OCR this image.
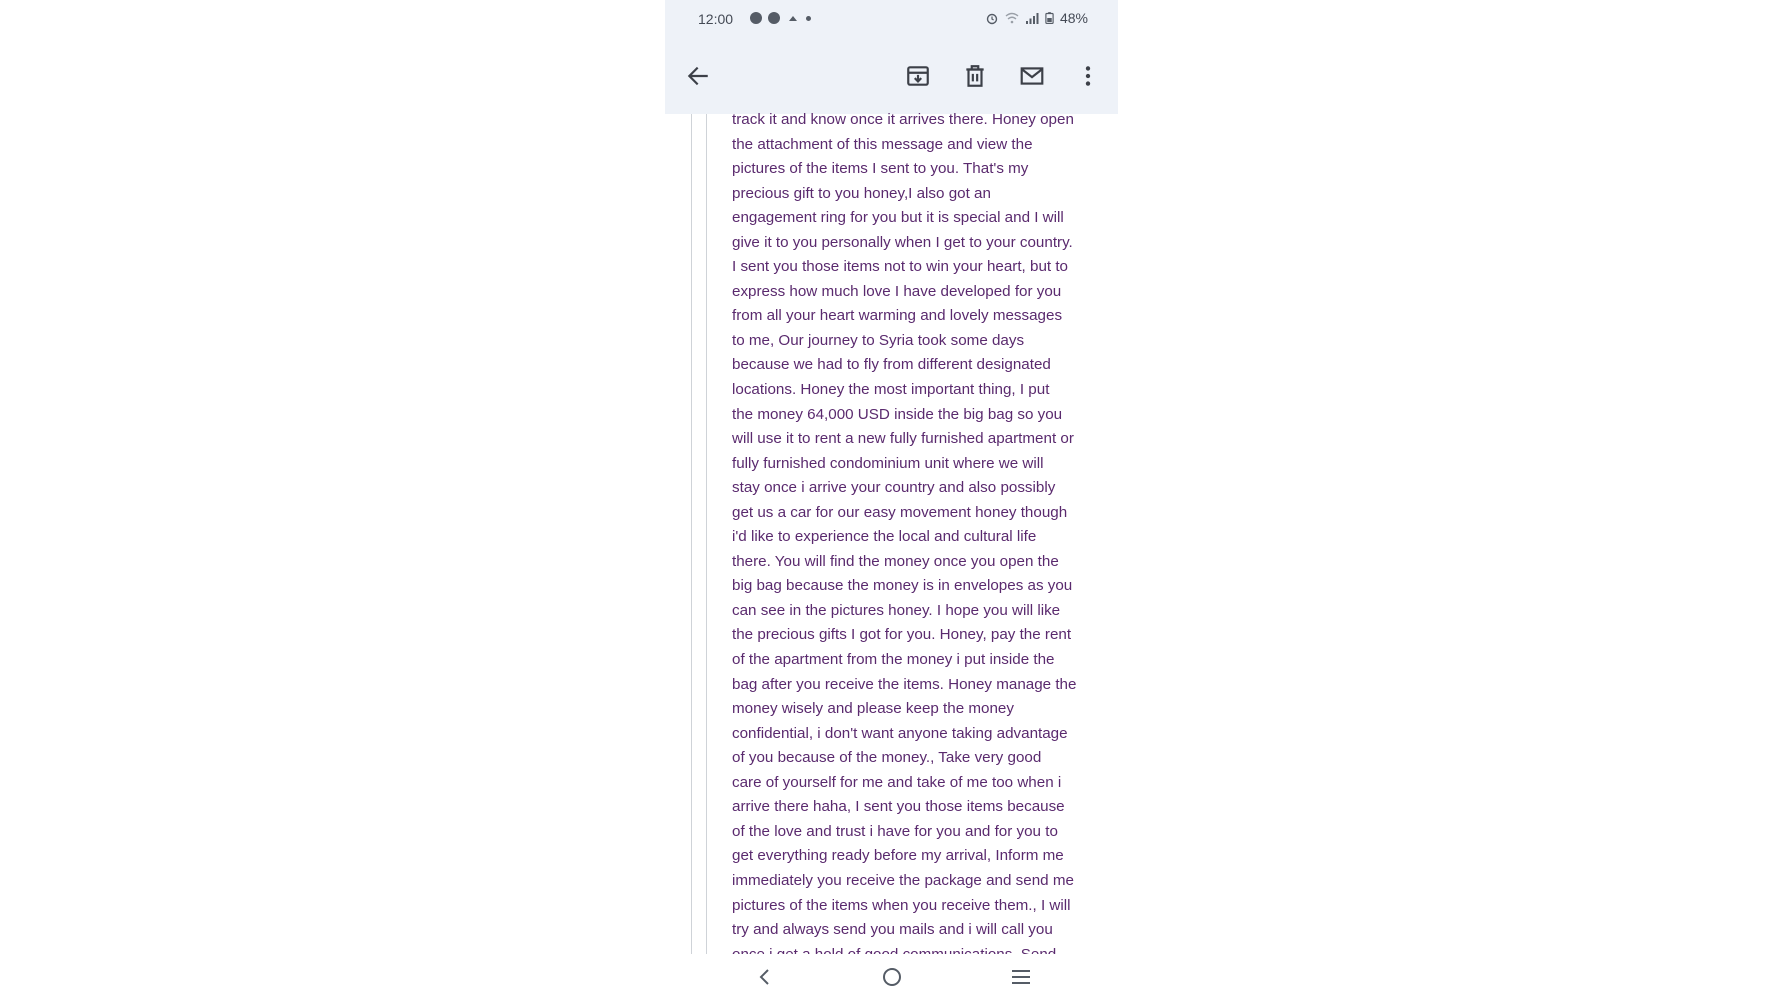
12:00	48%
track it and know once it arrives there. Honey open
the attachment of this message and view the
pictures of the items I sent to you. That's my
precious gift to you honey,I also got an
engagement ring for you but it is special and I will
give it to you personally when I get to your country.
I sent you those items not to win your heart, but to
express how much love I have developed for you
from all your heart warming and lovely messages
to me, Our journey to Syria took some days
because we had to fly from different designated
locations. Honey the most important thing, I put
the money 64,000 USD inside the big bag so you
will use it to rent a new fully furnished apartment or
fully furnished condominium unit where we will
stay once i arrive your country and also possibly
get us a car for our easy movement honey though
i'd like to experience the local and cultural life
there. You will find the money once you open the
big bag because the money is in envelopes as you
can see in the pictures honey. I hope you will like
the precious gifts I got for you. Honey, pay the rent
of the apartment from the money i put inside the
bag after you receive the items. Honey manage the
money wisely and please keep the money
confidential, i don't want anyone taking advantage
of you because of the money., Take very good
care of yourself for me and take of me too when i
arrive there haha, I sent you those items because
of the love and trust i have for you and for you to
get everything ready before my arrival, Inform me
immediately you receive the package and send me
pictures of the items when you receive them., I will
try and always send you mails and i will call you
